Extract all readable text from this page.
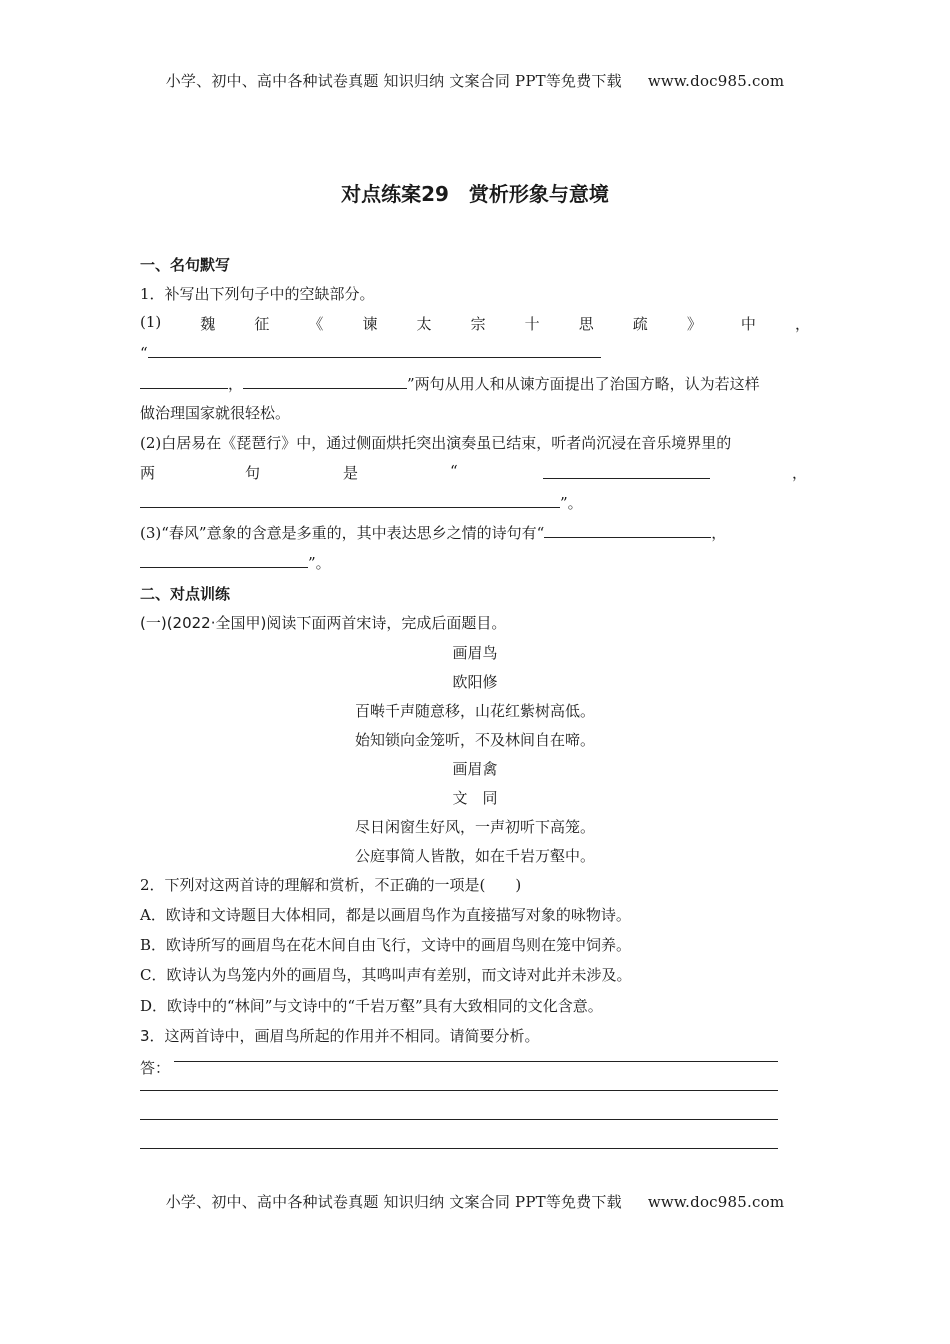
小学、初中、高中各种试卷真题 知识归纳 文案合同 PPT等免费下载 www.doc985.com
对点练案29　赏析形象与意境
一、名句默写
1．补写出下列句子中的空缺部分。
(1)	魏	征	《	谏	太	宗	十	思	疏	》	中	，
“
，	”两句从用人和从谏方面提出了治国方略，认为若这样
做治理国家就很轻松。
(2)白居易在《琵琶行》中，通过侧面烘托突出演奏虽已结束，听者尚沉浸在音乐境界里的
两	句	是	“	，
”。
(3)“春风”意象的含意是多重的，其中表达思乡之情的诗句有“	，
”。
二、对点训练
(一)(2022·全国甲)阅读下面两首宋诗，完成后面题目。
画眉鸟
欧阳修
百啭千声随意移，山花红紫树高低。
始知锁向金笼听，不及林间自在啼。
画眉禽
文　同
尽日闲窗生好风，一声初听下高笼。
公庭事简人皆散，如在千岩万壑中。
2．下列对这两首诗的理解和赏析，不正确的一项是(　　)
A．欧诗和文诗题目大体相同，都是以画眉鸟作为直接描写对象的咏物诗。
B．欧诗所写的画眉鸟在花木间自由飞行，文诗中的画眉鸟则在笼中饲养。
C．欧诗认为鸟笼内外的画眉鸟，其鸣叫声有差别，而文诗对此并未涉及。
D．欧诗中的“林间”与文诗中的“千岩万壑”具有大致相同的文化含意。
3．这两首诗中，画眉鸟所起的作用并不相同。请简要分析。
答：
小学、初中、高中各种试卷真题 知识归纳 文案合同 PPT等免费下载 www.doc985.com
